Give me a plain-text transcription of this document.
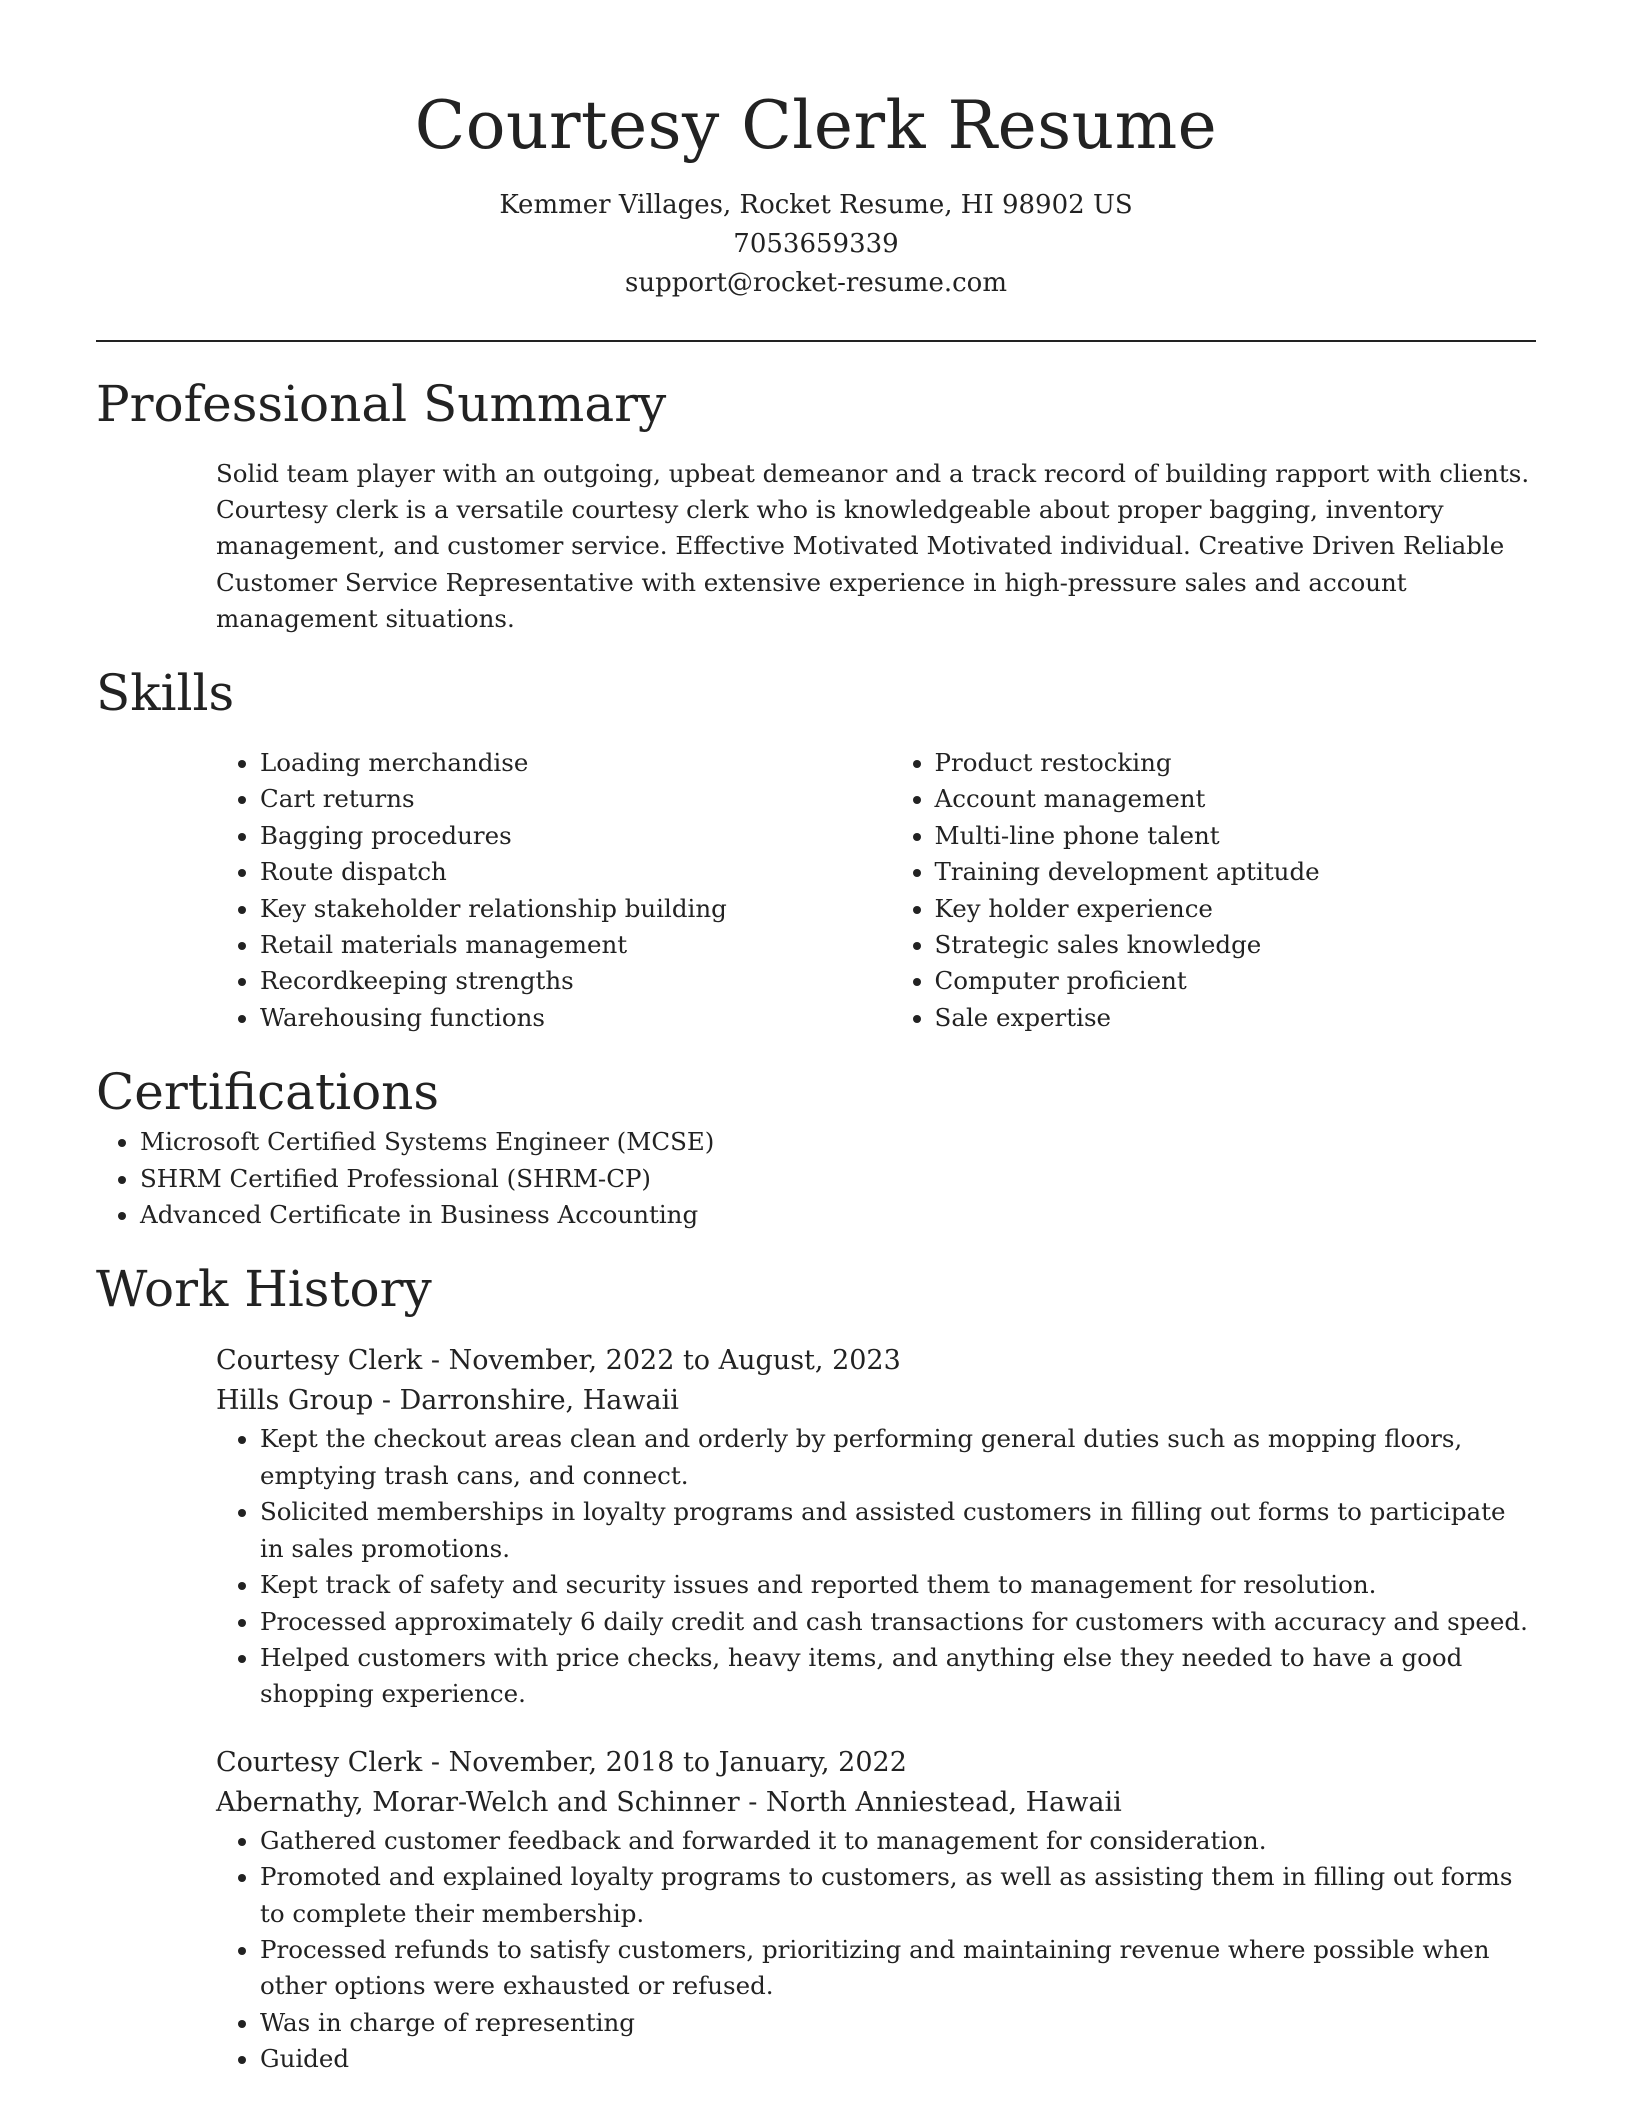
Courtesy Clerk Resume
Kemmer Villages, Rocket Resume, HI 98902 US
7053659339
support@rocket-resume.com
Professional Summary

Solid team player with an outgoing, upbeat demeanor and a track record of building rapport with clients. Courtesy clerk is a versatile courtesy clerk who is knowledgeable about proper bagging, inventory management, and customer service. Effective Motivated Motivated individual. Creative Driven Reliable Customer Service Representative with extensive experience in high-pressure sales and account management situations.

Skills
• Loading merchandise
• Cart returns
• Bagging procedures
• Route dispatch
• Key stakeholder relationship building
• Retail materials management
• Recordkeeping strengths
• Warehousing functions
• Product restocking
• Account management
• Multi-line phone talent
• Training development aptitude
• Key holder experience
• Strategic sales knowledge
• Computer proficient
• Sale expertise
Certifications
• Microsoft Certified Systems Engineer (MCSE)
• SHRM Certified Professional (SHRM-CP)
• Advanced Certificate in Business Accounting
Work History
Courtesy Clerk - November, 2022 to August, 2023
Hills Group - Darronshire, Hawaii
• Kept the checkout areas clean and orderly by performing general duties such as mopping floors, emptying trash cans, and connect.
• Solicited memberships in loyalty programs and assisted customers in filling out forms to participate in sales promotions.
• Kept track of safety and security issues and reported them to management for resolution.
• Processed approximately 6 daily credit and cash transactions for customers with accuracy and speed.
• Helped customers with price checks, heavy items, and anything else they needed to have a good shopping experience.
Courtesy Clerk - November, 2018 to January, 2022
Abernathy, Morar-Welch and Schinner - North Anniestead, Hawaii
• Gathered customer feedback and forwarded it to management for consideration.
• Promoted and explained loyalty programs to customers, as well as assisting them in filling out forms to complete their membership.
• Processed refunds to satisfy customers, prioritizing and maintaining revenue where possible when other options were exhausted or refused.
• Was in charge of representing
• Guided
